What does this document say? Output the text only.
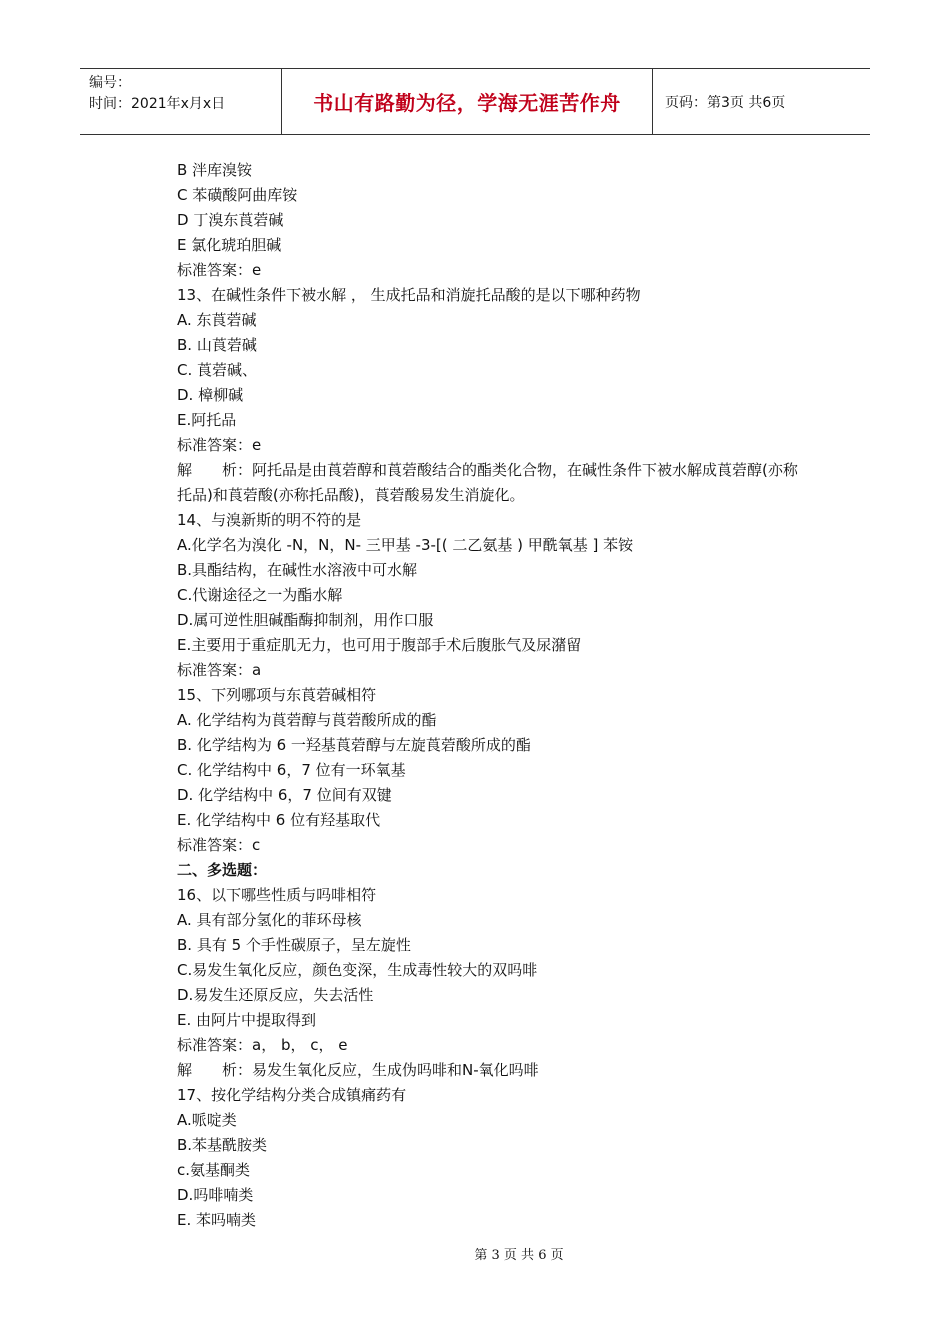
编号：
时间：2021年x月x日	书山有路勤为径，学海无涯苦作舟	页码：第3页 共6页
B 泮库溴铵
C 苯磺酸阿曲库铵
D 丁溴东莨菪碱
E 氯化琥珀胆碱
标准答案：e
13、在碱性条件下被水解 ， 生成托品和消旋托品酸的是以下哪种药物
A. 东莨菪碱
B. 山莨菪碱
C. 莨菪碱、
D. 樟柳碱
E.阿托品
标准答案：e
解　　析：阿托品是由莨菪醇和莨菪酸结合的酯类化合物，在碱性条件下被水解成莨菪醇(亦称托品)和莨菪酸(亦称托品酸)，莨菪酸易发生消旋化。
14、与溴新斯的明不符的是
A.化学名为溴化 -N，N，N- 三甲基 -3-[( 二乙氨基 ) 甲酰氧基 ] 苯铵
B.具酯结构，在碱性水溶液中可水解
C.代谢途径之一为酯水解
D.属可逆性胆碱酯酶抑制剂，用作口服
E.主要用于重症肌无力，也可用于腹部手术后腹胀气及尿潴留
标准答案：a
15、下列哪项与东莨菪碱相符
A. 化学结构为莨菪醇与莨菪酸所成的酯
B. 化学结构为 6 一羟基莨菪醇与左旋莨菪酸所成的酯
C. 化学结构中 6，7 位有一环氧基
D. 化学结构中 6，7 位间有双键
E. 化学结构中 6 位有羟基取代
标准答案：c
二、多选题：
16、以下哪些性质与吗啡相符
A. 具有部分氢化的菲环母核
B. 具有 5 个手性碳原子，呈左旋性
C.易发生氧化反应，颜色变深，生成毒性较大的双吗啡
D.易发生还原反应，失去活性
E. 由阿片中提取得到
标准答案：a， b， c， e
解　　析：易发生氧化反应，生成伪吗啡和N-氧化吗啡
17、按化学结构分类合成镇痛药有
A.哌啶类
B.苯基酰胺类
c.氨基酮类
D.吗啡喃类
E. 苯吗喃类
第 3 页 共 6 页
